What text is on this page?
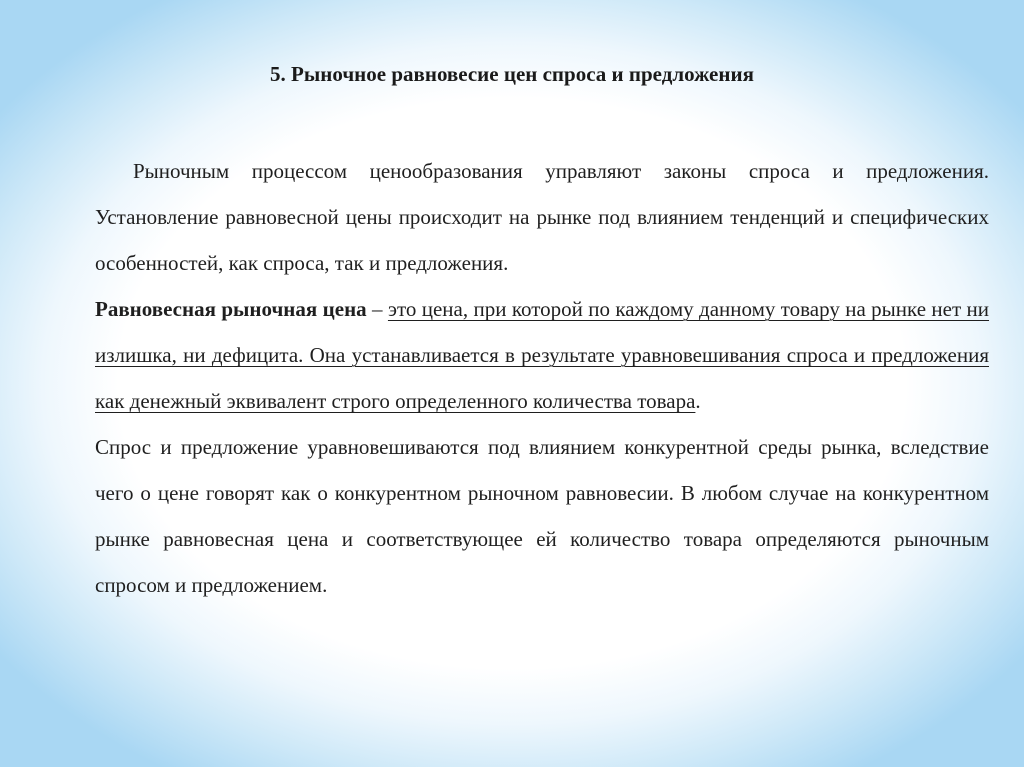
5. Рыночное равновесие цен спроса и предложения

Рыночным процессом ценообразования управляют законы спроса и предложения. Установление равновесной цены происходит на рынке под влиянием тенденций и специфических особенностей, как спроса, так и предложения.

Равновесная рыночная цена – это цена, при которой по каждому данному товару на рынке нет ни излишка, ни дефицита. Она устанавливается в результате уравновешивания спроса и предложения как денежный эквивалент строго определенного количества товара.

Спрос и предложение уравновешиваются под влиянием конкурентной среды рынка, вследствие чего о цене говорят как о конкурентном рыночном равновесии. В любом случае на конкурентном рынке равновесная цена и соответствующее ей количество товара определяются рыночным спросом и предложением.
